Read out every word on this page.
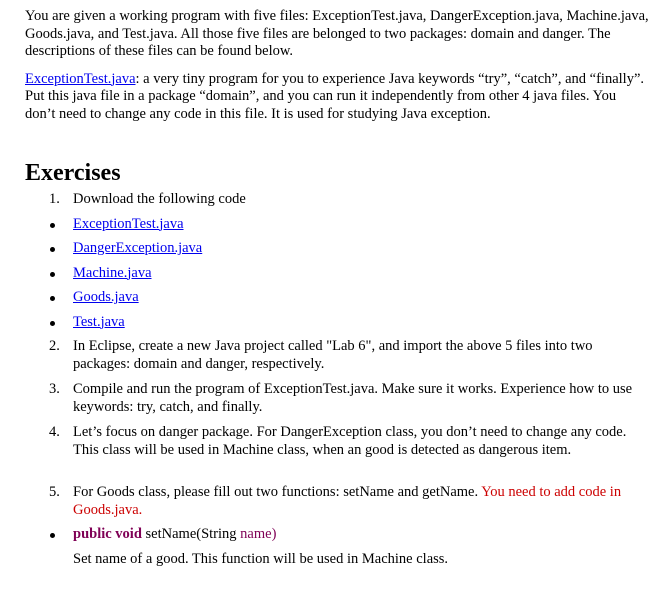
You are given a working program with five files: ExceptionTest.java, DangerException.java, Machine.java, Goods.java, and Test.java. All those five files are belonged to two packages: domain and danger. The descriptions of these files can be found below.

ExceptionTest.java: a very tiny program for you to experience Java keywords “try”, “catch”, and “finally”. Put this java file in a package “domain”, and you can run it independently from other 4 java files. You don’t need to change any code in this file. It is used for studying Java exception.

Exercises
1. Download the following code
ExceptionTest.java
DangerException.java
Machine.java
Goods.java
Test.java
2. In Eclipse, create a new Java project called "Lab 6", and import the above 5 files into two packages: domain and danger, respectively.
3. Compile and run the program of ExceptionTest.java. Make sure it works. Experience how to use keywords: try, catch, and finally.
4. Let’s focus on danger package. For DangerException class, you don’t need to change any code. This class will be used in Machine class, when an good is detected as dangerous item.
5. For Goods class, please fill out two functions: setName and getName. You need to add code in Goods.java.
public void setName(String name)
Set name of a good. This function will be used in Machine class.
